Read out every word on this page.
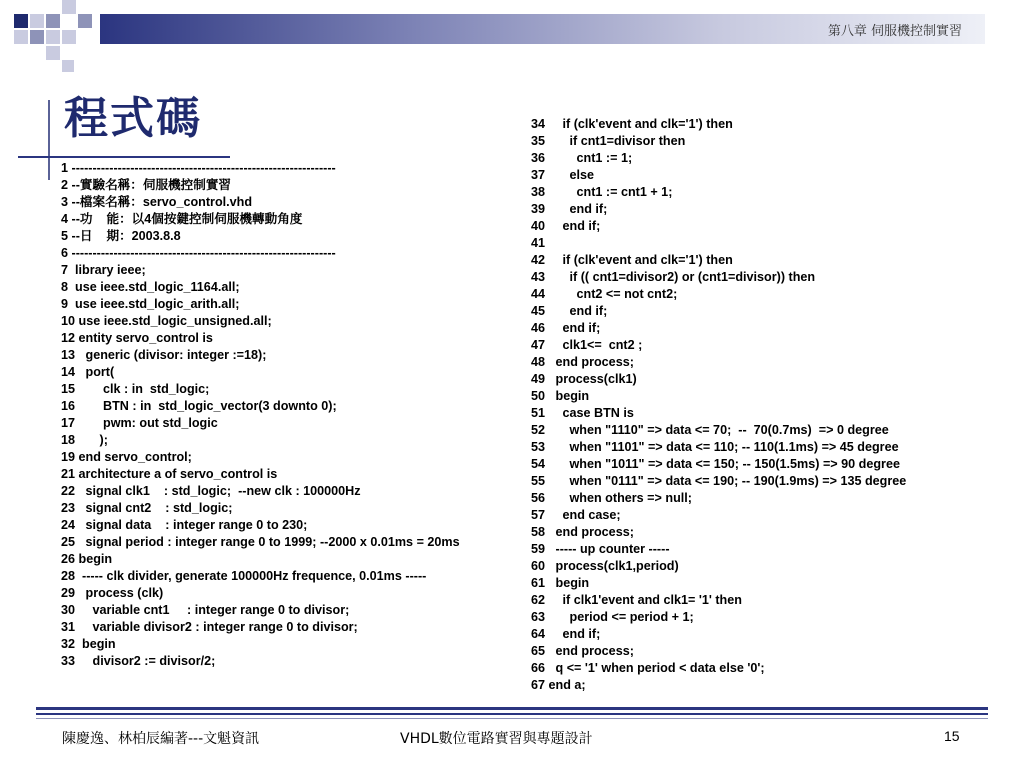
第八章 伺服機控制實習
程式碼
1 ---------------------------------------------------------------
2 --實驗名稱：伺服機控制實習
3 --檔案名稱：servo_control.vhd
4 --功    能：以4個按鍵控制伺服機轉動角度
5 --日    期：2003.8.8
6 ---------------------------------------------------------------
7  library ieee;
8  use ieee.std_logic_1164.all;
9  use ieee.std_logic_arith.all;
10 use ieee.std_logic_unsigned.all;
12 entity servo_control is
13   generic (divisor: integer :=18);
14   port(
15        clk : in  std_logic;
16        BTN : in  std_logic_vector(3 downto 0);
17        pwm: out std_logic
18       );
19 end servo_control;
21 architecture a of servo_control is
22   signal clk1    : std_logic;  --new clk : 100000Hz
23   signal cnt2    : std_logic;
24   signal data    : integer range 0 to 230;
25   signal period : integer range 0 to 1999; --2000 x 0.01ms = 20ms
26 begin
28  ----- clk divider, generate 100000Hz frequence, 0.01ms -----
29   process (clk)
30     variable cnt1     : integer range 0 to divisor;
31     variable divisor2 : integer range 0 to divisor;
32  begin
33     divisor2 := divisor/2;
34     if (clk'event and clk='1') then
35       if cnt1=divisor then
36         cnt1 := 1;
37       else
38         cnt1 := cnt1 + 1;
39       end if;
40     end if;
41
42     if (clk'event and clk='1') then
43       if (( cnt1=divisor2) or (cnt1=divisor)) then
44         cnt2 <= not cnt2;
45       end if;
46     end if;
47     clk1<=  cnt2 ;
48   end process;
49   process(clk1)
50   begin
51     case BTN is
52       when "1110" => data <= 70;  --  70(0.7ms)  => 0 degree
53       when "1101" => data <= 110; -- 110(1.1ms) => 45 degree
54       when "1011" => data <= 150; -- 150(1.5ms) => 90 degree
55       when "0111" => data <= 190; -- 190(1.9ms) => 135 degree
56       when others => null;
57     end case;
58   end process;
59   ----- up counter -----
60   process(clk1,period)
61   begin
62     if clk1'event and clk1= '1' then
63       period <= period + 1;
64     end if;
65   end process;
66   q <= '1' when period < data else '0';
67 end a;
陳慶逸、林柏辰編著---文魁資訊	VHDL數位電路實習與專題設計	15
